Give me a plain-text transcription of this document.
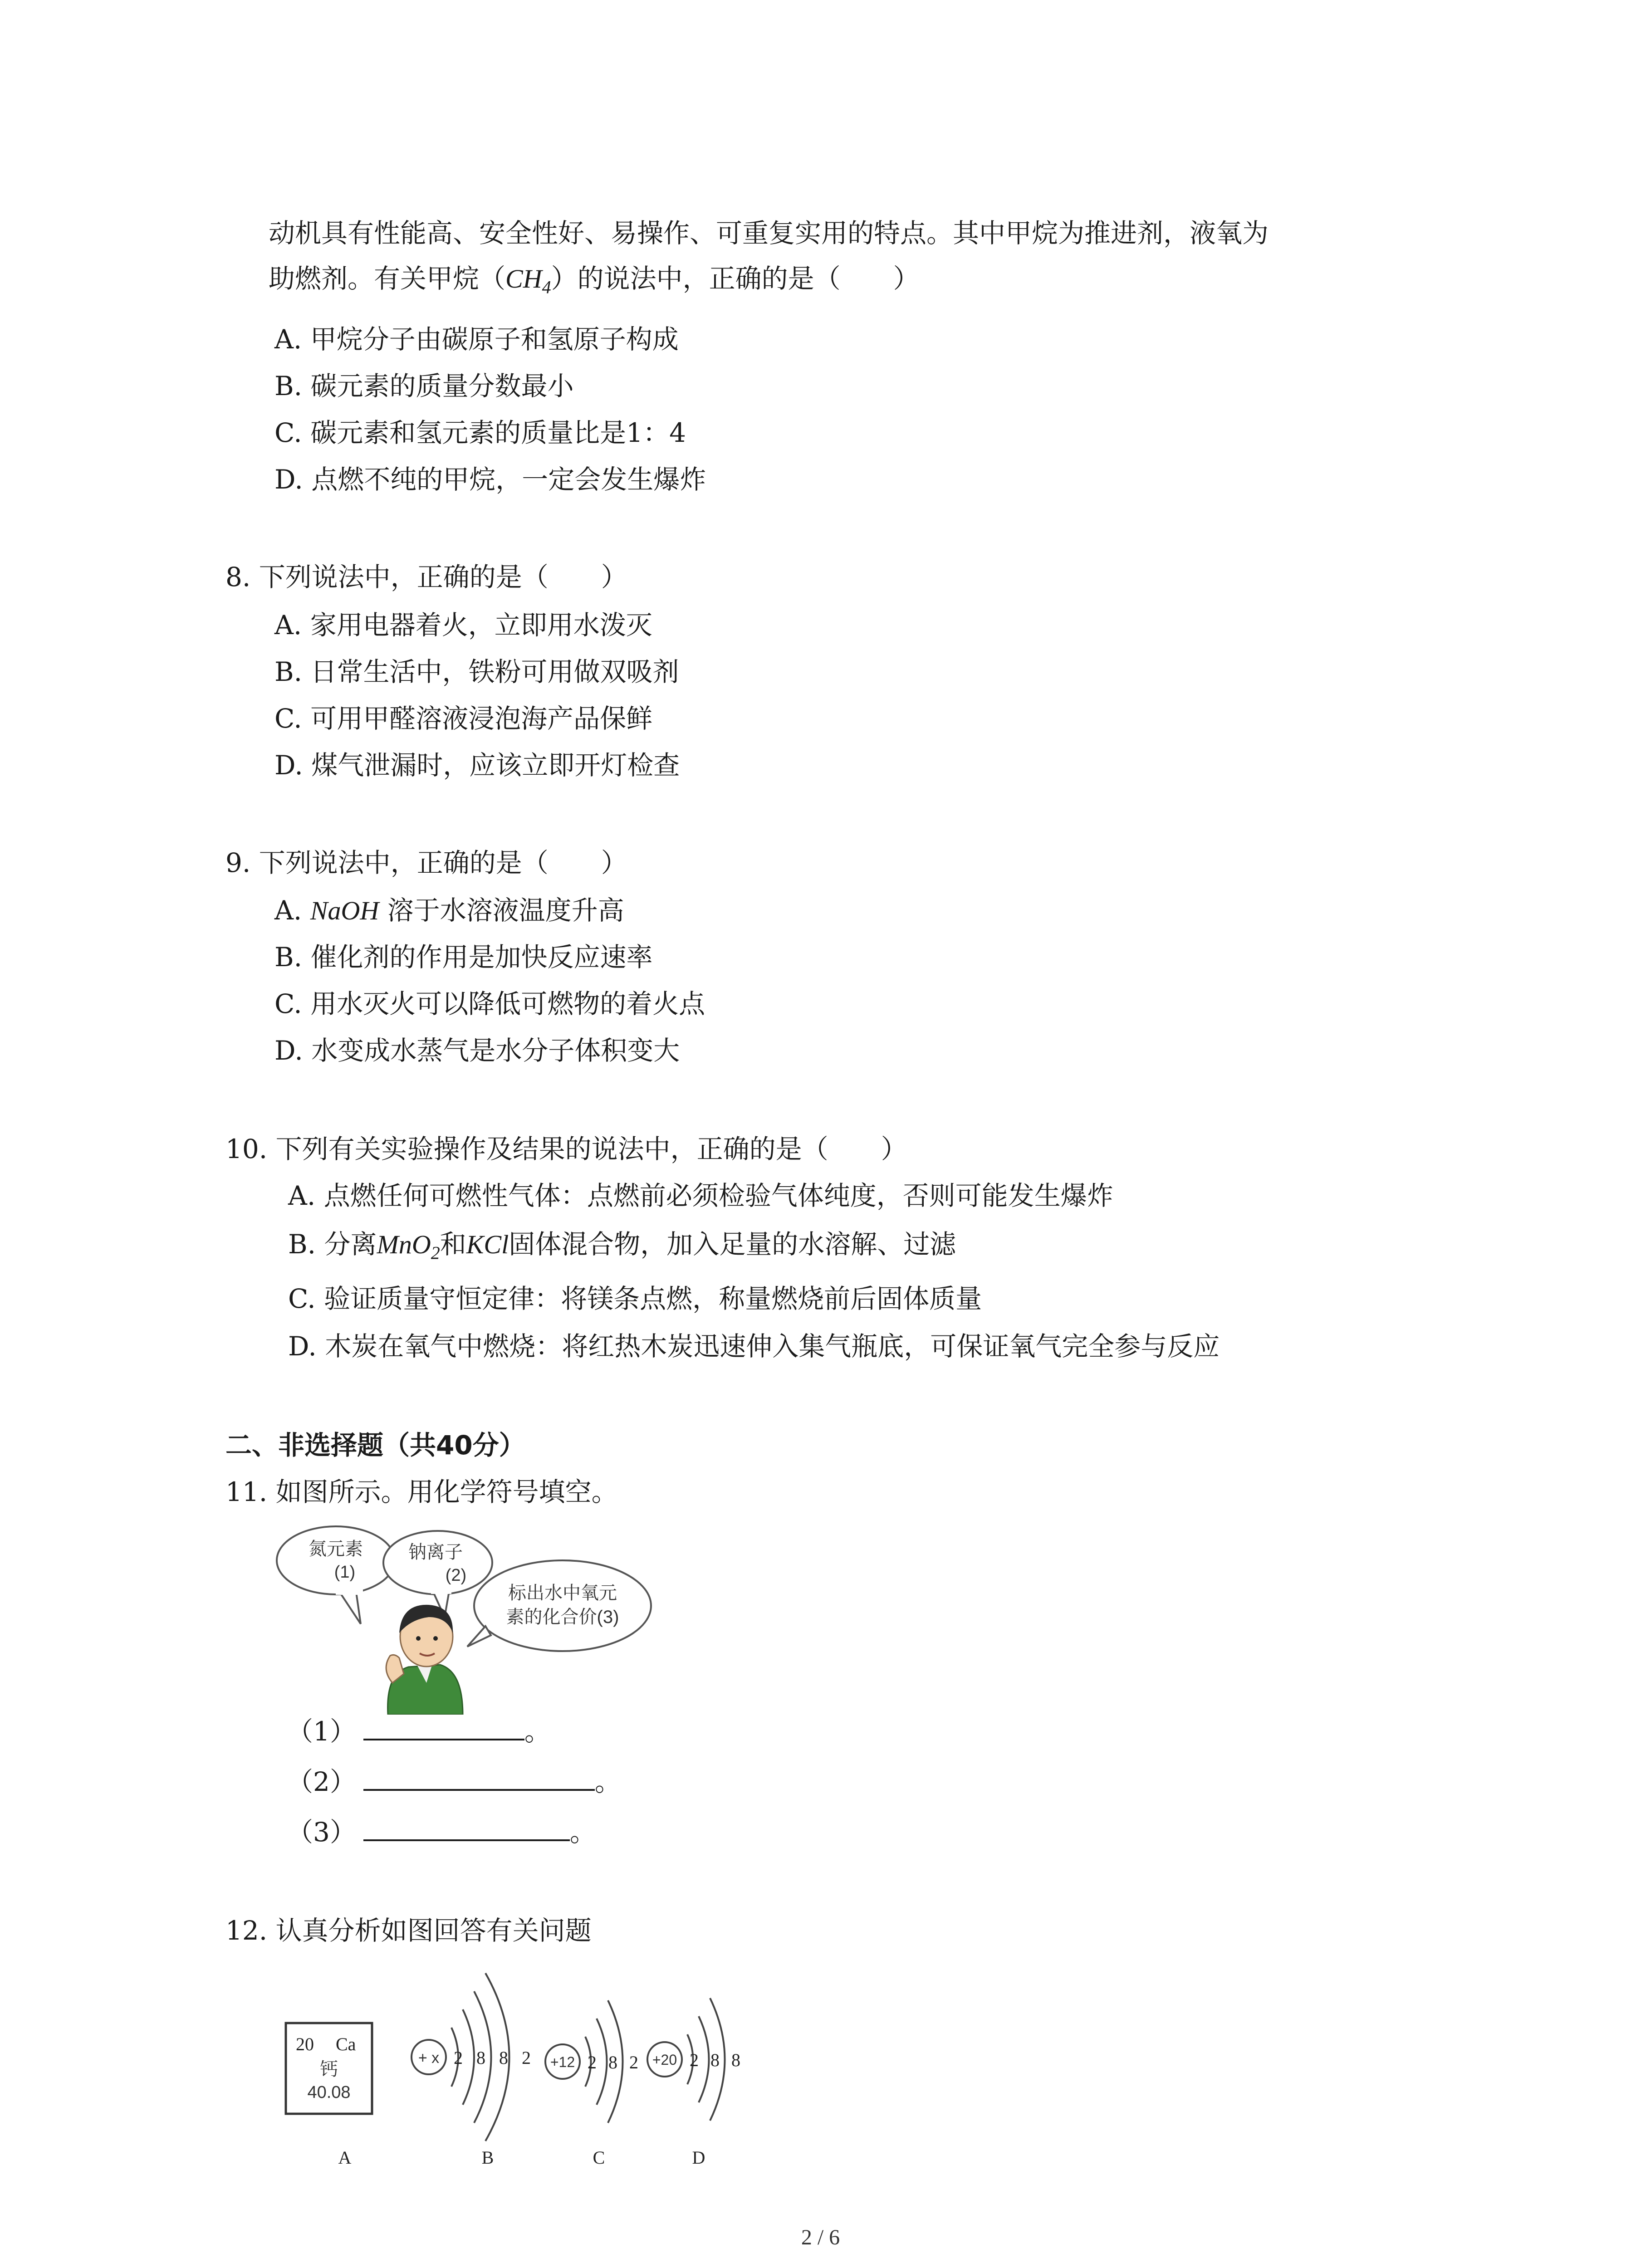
动机具有性能高、安全性好、易操作、可重复实用的特点。其中甲烷为推进剂，液氧为
助燃剂。有关甲烷$(CH_4)$的说法中，正确的是（　　）
A. 甲烷分子由碳原子和氢原子构成
B. 碳元素的质量分数最小
C. 碳元素和氢元素的质量比是1：4
D. 点燃不纯的甲烷，一定会发生爆炸
8. 下列说法中，正确的是（　　）
A. 家用电器着火，立即用水泼灭
B. 日常生活中，铁粉可用做双吸剂
C. 可用甲醛溶液浸泡海产品保鲜
D. 煤气泄漏时，应该立即开灯检查
9. 下列说法中，正确的是（　　）
A. NaOH 溶于水溶液温度升高
B. 催化剂的作用是加快反应速率
C. 用水灭火可以降低可燃物的着火点
D. 水变成水蒸气是水分子体积变大
10. 下列有关实验操作及结果的说法中，正确的是（　　）
A. 点燃任何可燃性气体：点燃前必须检验气体纯度，否则可能发生爆炸
B. 分离MnO$_2$和KCl固体混合物，加入足量的水溶解、过滤
C. 验证质量守恒定律：将镁条点燃，称量燃烧前后固体质量
D. 木炭在氧气中燃烧：将红热木炭迅速伸入集气瓶底，可保证氧气完全参与反应
二、非选择题（共40分）
11. 如图所示。用化学符号填空。
氮元素
(1)
钠离子
(2)
标出水中氧元
素的化合价(3)
（1）	。
（2）	。
（3）	。
12. 认真分析如图回答有关问题
20 Ca
钙
40.08
+ x 2 8 8 2 +12 2 8 2 +20 2 8 8
A	B	C	D
2 / 6
